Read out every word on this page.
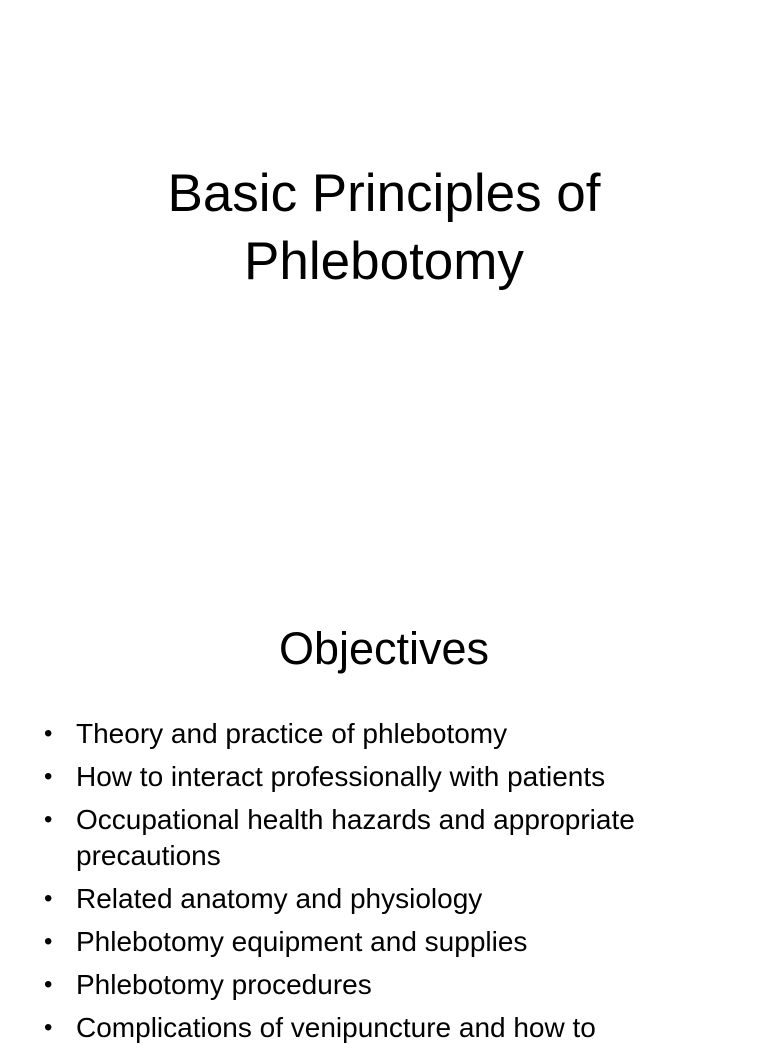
Basic Principles of
Phlebotomy
Objectives
• Theory and practice of phlebotomy
• How to interact professionally with patients
• Occupational health hazards and appropriate precautions
• Related anatomy and physiology
• Phlebotomy equipment and supplies
• Phlebotomy procedures
• Complications of venipuncture and how to
